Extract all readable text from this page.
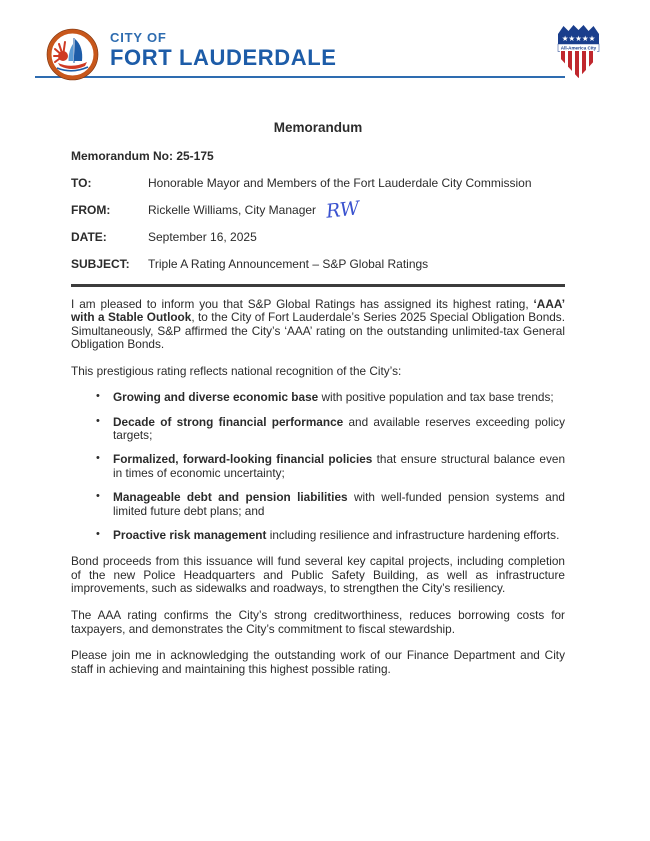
CITY OF
FORT LAUDERDALE
★★★★★
All-America City
Memorandum
Memorandum No: 25-175
TO:	Honorable Mayor and Members of the Fort Lauderdale City Commission
FROM:	Rickelle Williams, City Manager RW
DATE:	September 16, 2025
SUBJECT:	Triple A Rating Announcement – S&P Global Ratings

I am pleased to inform you that S&P Global Ratings has assigned its highest rating, ‘AAA’ with a Stable Outlook, to the City of Fort Lauderdale’s Series 2025 Special Obligation Bonds. Simultaneously, S&P affirmed the City’s ‘AAA’ rating on the outstanding unlimited-tax General Obligation Bonds.

This prestigious rating reflects national recognition of the City’s:

• Growing and diverse economic base with positive population and tax base trends;
• Decade of strong financial performance and available reserves exceeding policy targets;
• Formalized, forward-looking financial policies that ensure structural balance even in times of economic uncertainty;
• Manageable debt and pension liabilities with well-funded pension systems and limited future debt plans; and
• Proactive risk management including resilience and infrastructure hardening efforts.

Bond proceeds from this issuance will fund several key capital projects, including completion of the new Police Headquarters and Public Safety Building, as well as infrastructure improvements, such as sidewalks and roadways, to strengthen the City’s resiliency.

The AAA rating confirms the City’s strong creditworthiness, reduces borrowing costs for taxpayers, and demonstrates the City’s commitment to fiscal stewardship.

Please join me in acknowledging the outstanding work of our Finance Department and City staff in achieving and maintaining this highest possible rating.
